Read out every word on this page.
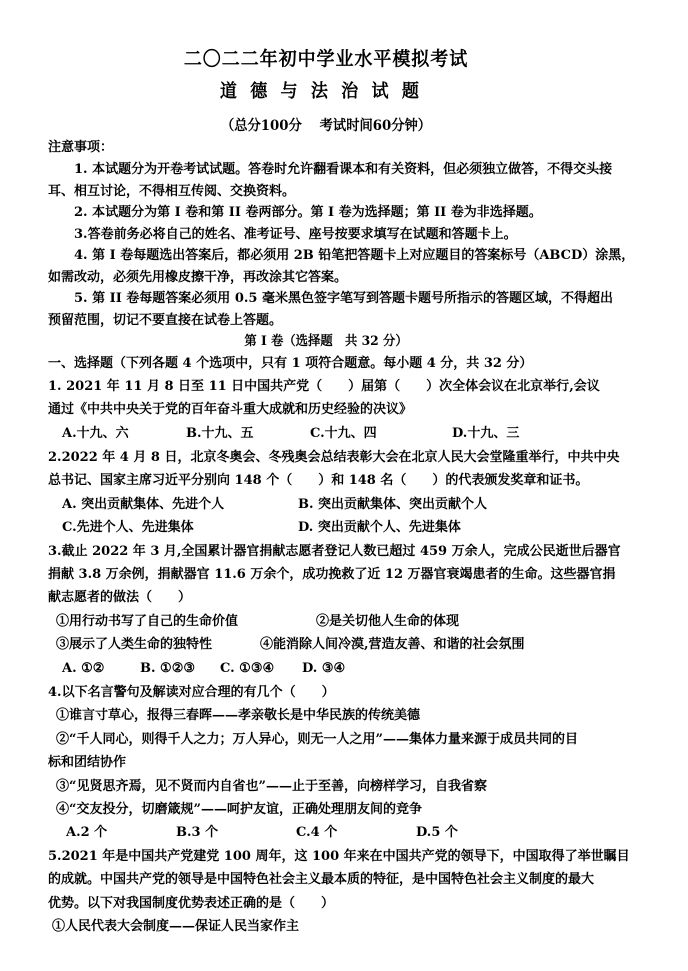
二〇二二年初中学业水平模拟考试
道德与法治试题
（总分100分　 考试时间60分钟）
注意事项：
1. 本试题分为开卷考试试题。答卷时允许翻看课本和有关资料，但必须独立做答，不得交头接
耳、相互讨论，不得相互传阅、交换资料。
2. 本试题分为第 I 卷和第 II 卷两部分。第 I 卷为选择题；第 II 卷为非选择题。
3.答卷前务必将自己的姓名、准考证号、座号按要求填写在试题和答题卡上。
4. 第 I 卷每题选出答案后，都必须用 2B 铅笔把答题卡上对应题目的答案标号（ABCD）涂黑，
如需改动，必须先用橡皮擦干净，再改涂其它答案。
5. 第 II 卷每题答案必须用 0.5 毫米黑色签字笔写到答题卡题号所指示的答题区域，不得超出
预留范围，切记不要直接在试卷上答题。
第 I 卷（选择题　共 32 分）
一、选择题（下列各题 4 个选项中，只有 1 项符合题意。每小题 4 分，共 32 分）
1. 2021 年 11 月 8 日至 11 日中国共产党（　　）届第（　　）次全体会议在北京举行,会议
通过《中共中央关于党的百年奋斗重大成就和历史经验的决议》
A.十九、六	B.十九、五	C.十九、四	D.十九、三
2.2022 年 4 月 8 日，北京冬奥会、冬残奥会总结表彰大会在北京人民大会堂隆重举行，中共中央
总书记、国家主席习近平分别向 148 个（　　）和 148 名（　　）的代表颁发奖章和证书。
A. 突出贡献集体、先进个人	B. 突出贡献集体、突出贡献个人
C.先进个人、先进集体	D. 突出贡献个人、先进集体
3.截止 2022 年 3 月,全国累计器官捐献志愿者登记人数已超过 459 万余人，完成公民逝世后器官
捐献 3.8 万余例，捐献器官 11.6 万余个，成功挽救了近 12 万器官衰竭患者的生命。这些器官捐
献志愿者的做法（　　）
①用行动书写了自己的生命价值	②是关切他人生命的体现
③展示了人类生命的独特性	④能消除人间冷漠,营造友善、和谐的社会氛围
A. ①②	B. ①②③ C. ①③④ D. ③④
4.以下名言警句及解读对应合理的有几个（　　）
①谁言寸草心，报得三春晖——孝亲敬长是中华民族的传统美德
②“千人同心，则得千人之力；万人异心，则无一人之用”——集体力量来源于成员共同的目
标和团结协作
③“见贤思齐焉，见不贤而内自省也”——止于至善，向榜样学习，自我省察
④“交友投分，切磨箴规”——呵护友谊，正确处理朋友间的竞争
A.2 个	B.3 个	C.4 个	D.5 个
5.2021 年是中国共产党建党 100 周年，这 100 年来在中国共产党的领导下，中国取得了举世瞩目
的成就。中国共产党的领导是中国特色社会主义最本质的特征，是中国特色社会主义制度的最大
优势。以下对我国制度优势表述正确的是（　　）
①人民代表大会制度——保证人民当家作主
